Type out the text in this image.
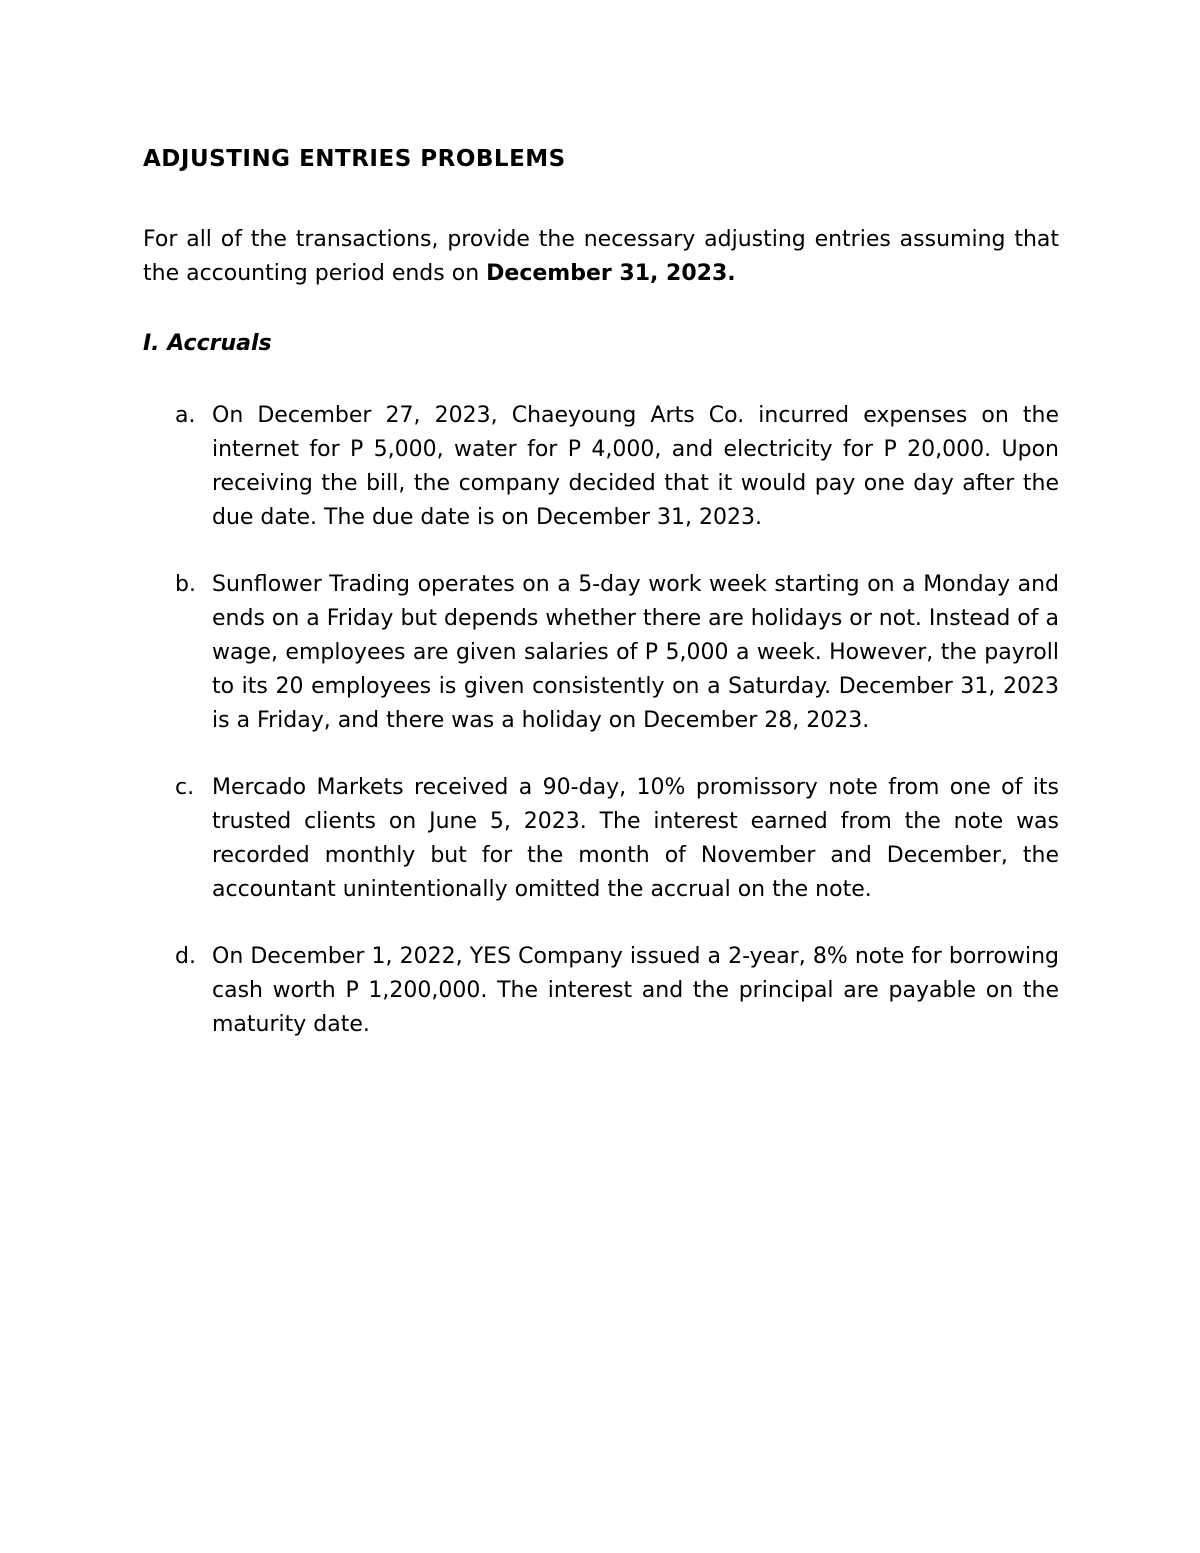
ADJUSTING ENTRIES PROBLEMS

For all of the transactions, provide the necessary adjusting entries assuming that the accounting period ends on December 31, 2023.

I. Accruals
a. On December 27, 2023, Chaeyoung Arts Co. incurred expenses on the internet for P 5,000, water for P 4,000, and electricity for P 20,000. Upon receiving the bill, the company decided that it would pay one day after the due date. The due date is on December 31, 2023.
b. Sunflower Trading operates on a 5-day work week starting on a Monday and ends on a Friday but depends whether there are holidays or not. Instead of a wage, employees are given salaries of P 5,000 a week. However, the payroll to its 20 employees is given consistently on a Saturday. December 31, 2023 is a Friday, and there was a holiday on December 28, 2023.
c. Mercado Markets received a 90-day, 10% promissory note from one of its trusted clients on June 5, 2023. The interest earned from the note was recorded monthly but for the month of November and December, the accountant unintentionally omitted the accrual on the note.
d. On December 1, 2022, YES Company issued a 2-year, 8% note for borrowing cash worth P 1,200,000. The interest and the principal are payable on the maturity date.
